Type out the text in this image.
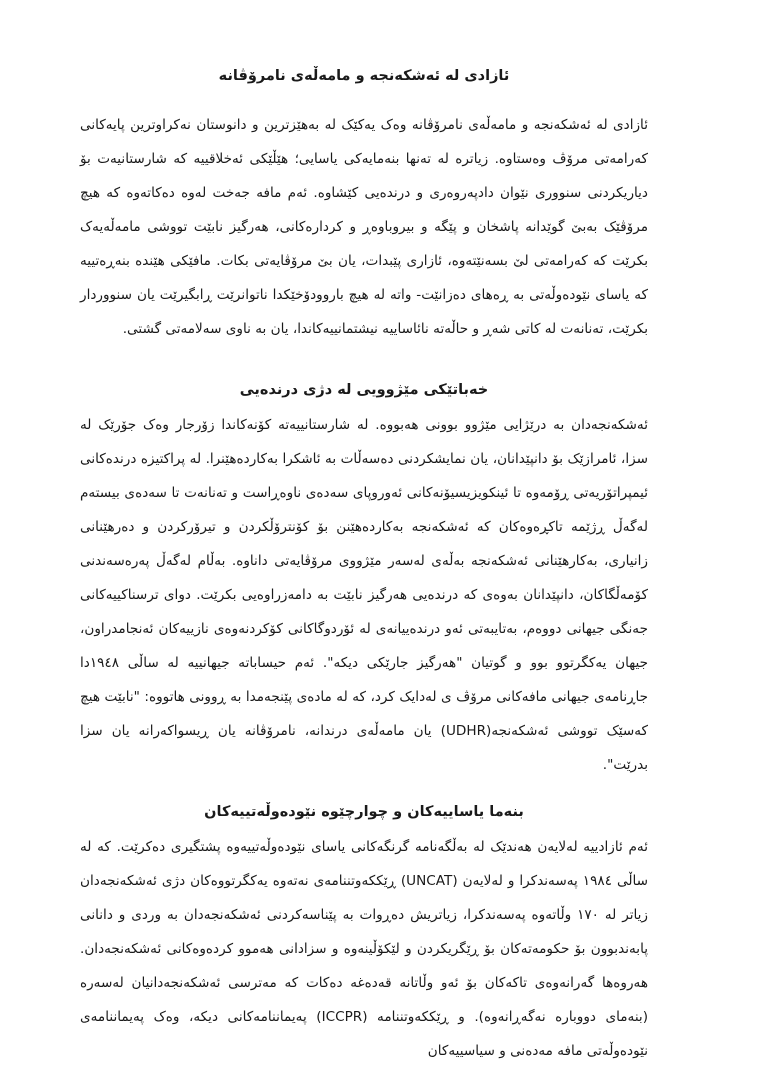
ئازادی لە ئەشکەنجە و مامەڵەی نامرۆڤانە

ئازادی لە ئەشکەنجە و مامەڵەی نامرۆڤانە وەک یەکێک لە بەهێزترین و دانوستان نەکراوترین پایەکانی کەرامەتی مرۆڤ وەستاوە. زیاترە لە تەنها بنەمایەکی یاسایی؛ هێڵێکی ئەخلاقییە کە شارستانیەت بۆ دیاریکردنی سنووری نێوان دادپەروەری و درندەیی کێشاوە. ئەم مافە جەخت لەوە دەکاتەوە کە هیچ مرۆڤێک بەبێ گوێدانە پاشخان و پێگە و بیروباوەڕ و کردارەکانی، هەرگیز نابێت تووشی مامەڵەیەک بکرێت کە کەرامەتی لێ بسەنێتەوە، ئازاری پێبدات، یان بێ مرۆڤایەتی بکات. مافێکی هێندە بنەڕەتییە کە یاسای نێودەوڵەتی بە ڕەهای دەزانێت- واتە لە هیچ باروودۆخێکدا ناتوانرێت ڕابگیرێت یان سنووردار بکرێت، تەنانەت لە کاتی شەڕ و حاڵەتە نائاساییە نیشتمانییەکاندا، یان بە ناوی سەلامەتی گشتی.

خەباتێکی مێژوویی لە دژی درندەیی

ئەشکەنجەدان بە درێژایی مێژوو بوونی هەبووە. لە شارستانییەتە کۆنەکاندا زۆرجار وەک جۆرێک لە سزا، ئامرازێک بۆ دانپێدانان، یان نمایشکردنی دەسەڵات بە ئاشکرا بەکاردەهێنرا. لە پراکتیزە درندەکانی ئیمپراتۆریەتی ڕۆمەوە تا ئینکویزیسیۆنەکانی ئەوروپای سەدەی ناوەڕاست و تەنانەت تا سەدەی بیستەم لەگەڵ ڕژێمە تاکڕەوەکان کە ئەشکەنجە بەکاردەهێنن بۆ کۆنترۆڵکردن و تیرۆرکردن و دەرهێنانی زانیاری، بەکارهێنانی ئەشکەنجە بەڵەی لەسەر مێژووی مرۆڤایەتی داناوە. بەڵام لەگەڵ پەرەسەندنی کۆمەڵگاکان، دانپێدانان بەوەی کە درندەیی هەرگیز نابێت بە دامەزراوەیی بکرێت. دوای ترسناکییەکانی جەنگی جیهانی دووەم، بەتایبەتی ئەو درندەییانەی لە ئۆردوگاکانی کۆکردنەوەی نازییەکان ئەنجامدراون، جیهان یەکگرتوو بوو و گوتیان "هەرگیز جارێکی دیکە". ئەم حیساباتە جیهانییە لە ساڵی ١٩٤٨دا جاڕنامەی جیهانی مافەکانی مرۆڤ ی لەدایک کرد، کە لە مادەی پێنجەمدا بە ڕوونی هاتووە: "نابێت هیچ کەسێک تووشی ئەشکەنجە(UDHR) یان مامەڵەی درندانە، نامرۆڤانە یان ڕیسواکەرانە یان سزا بدرێت".

بنەما یاساییەکان و چوارچێوە نێودەوڵەتییەکان

ئەم ئازادییە لەلایەن هەندێک لە بەڵگەنامە گرنگەکانی یاسای نێودەوڵەتییەوە پشتگیری دەکرێت. کە لە ساڵی ١٩٨٤ پەسەندکرا و لەلایەن (UNCAT) ڕێککەوتننامەی نەتەوە یەکگرتووەکان دژی ئەشکەنجەدان زیاتر لە ١٧٠ وڵاتەوە پەسەندکرا، زیاتریش دەڕوات بە پێناسەکردنی ئەشکەنجەدان بە وردی و دانانی پابەندبوون بۆ حکومەتەکان بۆ ڕێگریکردن و لێکۆڵینەوە و سزادانی هەموو کردەوەکانی ئەشکەنجەدان. هەروەها گەرانەوەی تاکەکان بۆ ئەو وڵاتانە قەدەغە دەکات کە مەترسی ئەشکەنجەدانیان لەسەرە (بنەمای دووبارە نەگەڕانەوە). و ڕێککەوتننامە (ICCPR) پەیماننامەکانی دیکە، وەک پەیماننامەی نێودەوڵەتی مافە مەدەنی و سیاسییەکان
